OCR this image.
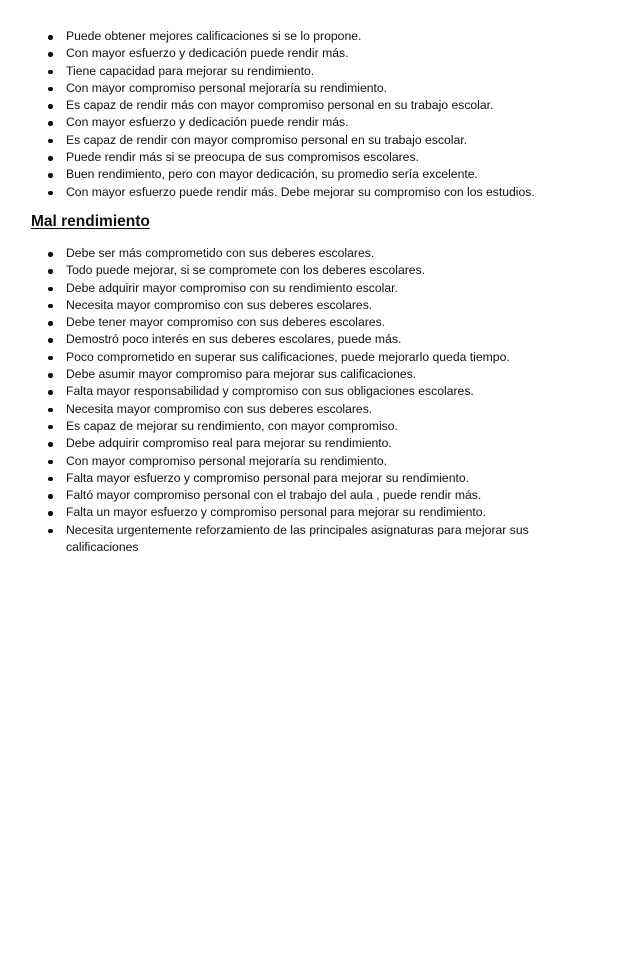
Puede obtener mejores calificaciones si se lo propone.
Con mayor esfuerzo y dedicación puede rendir más.
Tiene capacidad para mejorar su rendimiento.
Con mayor compromiso personal mejoraría su rendimiento.
Es capaz de rendir más con mayor compromiso personal en su trabajo escolar.
Con mayor esfuerzo y dedicación puede rendir más.
Es capaz de rendir con mayor compromiso personal en su trabajo escolar.
Puede rendir más si se preocupa de sus compromisos escolares.
Buen rendimiento, pero con mayor dedicación, su promedio sería excelente.
Con mayor esfuerzo puede rendir más. Debe mejorar su compromiso con los estudios.
Mal rendimiento
Debe ser más comprometido con sus deberes escolares.
Todo puede mejorar, si se compromete con los deberes escolares.
Debe adquirir mayor compromiso con su rendimiento escolar.
Necesita mayor compromiso con sus deberes escolares.
Debe tener mayor compromiso con sus deberes escolares.
Demostró poco interés en sus deberes escolares, puede más.
Poco comprometido en superar sus calificaciones, puede mejorarlo queda tiempo.
Debe asumir mayor compromiso para mejorar sus calificaciones.
Falta mayor responsabilidad y compromiso con sus obligaciones escolares.
Necesita mayor compromiso con sus deberes escolares.
Es capaz de mejorar su rendimiento, con mayor compromiso.
Debe adquirir compromiso real para mejorar su rendimiento.
Con mayor compromiso personal mejoraría su rendimiento.
Falta mayor esfuerzo y compromiso personal para mejorar su rendimiento.
Faltó mayor compromiso personal con el trabajo del aula , puede rendir más.
Falta un mayor esfuerzo y compromiso personal para mejorar su rendimiento.
Necesita urgentemente reforzamiento de las principales asignaturas para mejorar sus calificaciones
